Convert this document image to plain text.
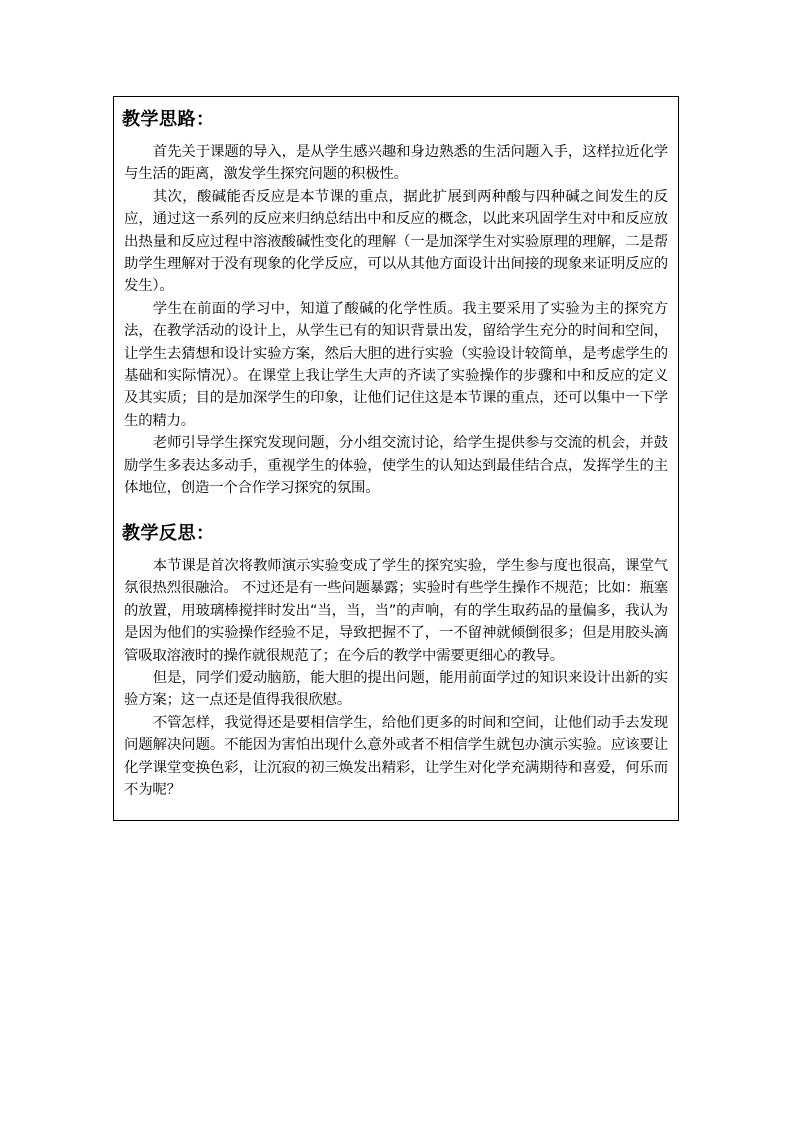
教学思路：

首先关于课题的导入，是从学生感兴趣和身边熟悉的生活问题入手，这样拉近化学与生活的距离，激发学生探究问题的积极性。

其次，酸碱能否反应是本节课的重点，据此扩展到两种酸与四种碱之间发生的反应，通过这一系列的反应来归纳总结出中和反应的概念，以此来巩固学生对中和反应放出热量和反应过程中溶液酸碱性变化的理解（一是加深学生对实验原理的理解，二是帮助学生理解对于没有现象的化学反应，可以从其他方面设计出间接的现象来证明反应的发生）。

学生在前面的学习中，知道了酸碱的化学性质。我主要采用了实验为主的探究方法，在教学活动的设计上，从学生已有的知识背景出发，留给学生充分的时间和空间，让学生去猜想和设计实验方案，然后大胆的进行实验（实验设计较简单，是考虑学生的基础和实际情况）。在课堂上我让学生大声的齐读了实验操作的步骤和中和反应的定义及其实质；目的是加深学生的印象，让他们记住这是本节课的重点，还可以集中一下学生的精力。

老师引导学生探究发现问题，分小组交流讨论，给学生提供参与交流的机会，并鼓励学生多表达多动手，重视学生的体验，使学生的认知达到最佳结合点，发挥学生的主体地位，创造一个合作学习探究的氛围。

教学反思：

本节课是首次将教师演示实验变成了学生的探究实验，学生参与度也很高，课堂气氛很热烈很融洽。 不过还是有一些问题暴露；实验时有些学生操作不规范；比如：瓶塞的放置，用玻璃棒搅拌时发出“当，当，当”的声响，有的学生取药品的量偏多，我认为是因为他们的实验操作经验不足，导致把握不了，一不留神就倾倒很多；但是用胶头滴管吸取溶液时的操作就很规范了；在今后的教学中需要更细心的教导。

但是，同学们爱动脑筋，能大胆的提出问题，能用前面学过的知识来设计出新的实验方案；这一点还是值得我很欣慰。

不管怎样，我觉得还是要相信学生，给他们更多的时间和空间，让他们动手去发现问题解决问题。不能因为害怕出现什么意外或者不相信学生就包办演示实验。应该要让化学课堂变换色彩，让沉寂的初三焕发出精彩，让学生对化学充满期待和喜爱，何乐而不为呢？
